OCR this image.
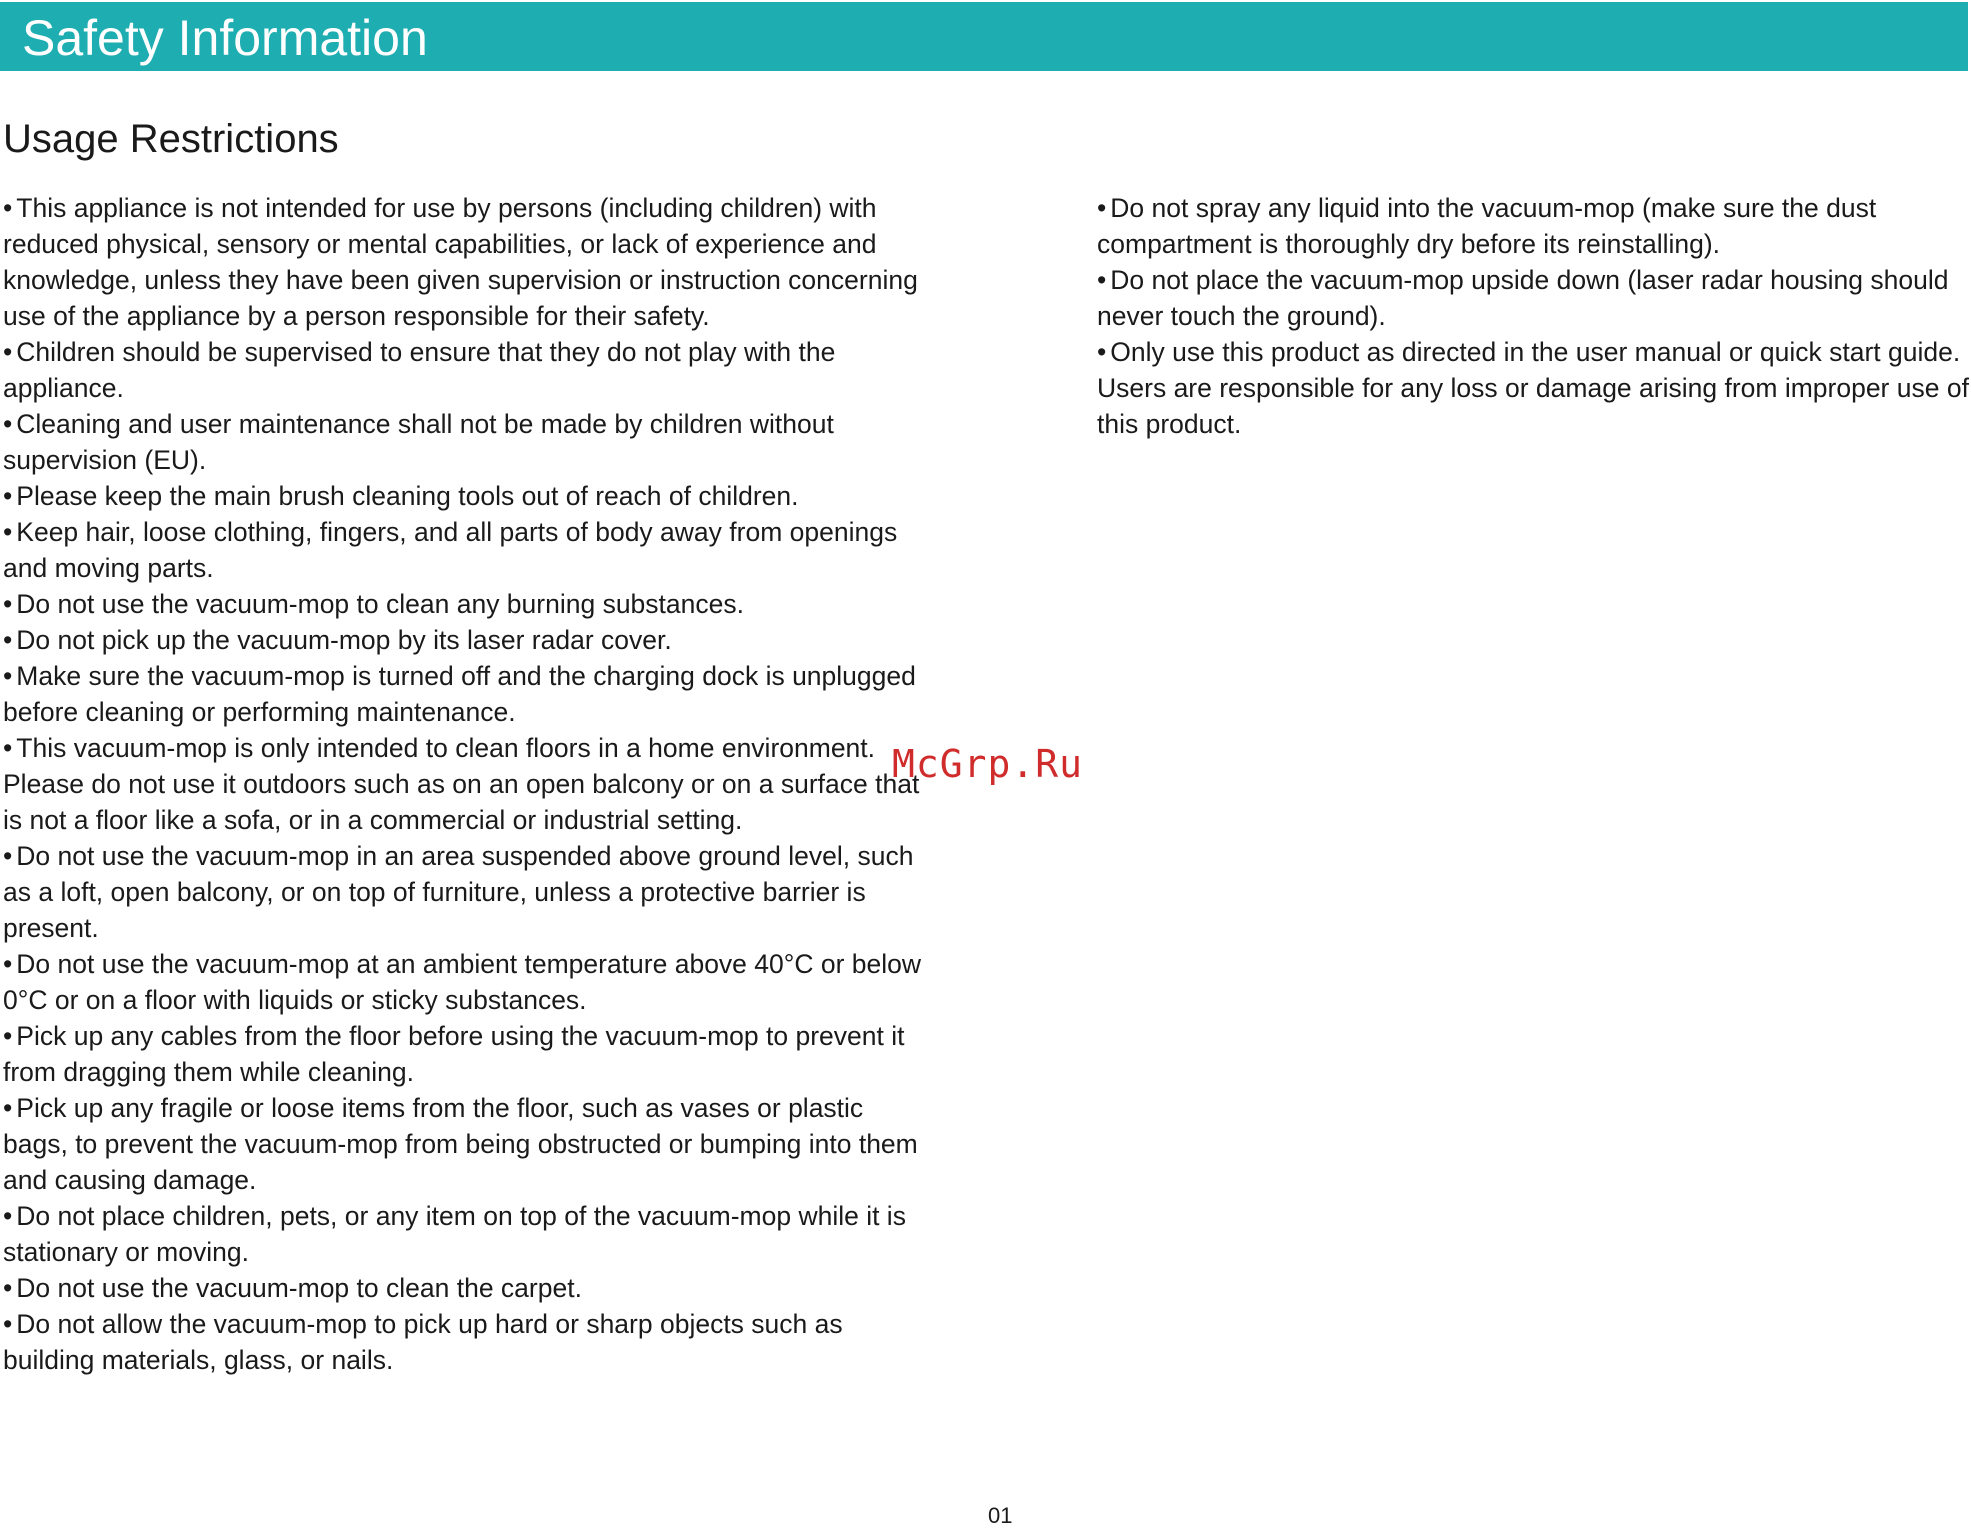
Safety Information
Usage Restrictions
• This appliance is not intended for use by persons (including children) with reduced physical, sensory or mental capabilities, or lack of experience and knowledge, unless they have been given supervision or instruction concerning use of the appliance by a person responsible for their safety.
• Children should be supervised to ensure that they do not play with the appliance.
• Cleaning and user maintenance shall not be made by children without supervision (EU).
• Please keep the main brush cleaning tools out of reach of children.
• Keep hair, loose clothing, fingers, and all parts of body away from openings and moving parts.
• Do not use the vacuum-mop to clean any burning substances.
• Do not pick up the vacuum-mop by its laser radar cover.
• Make sure the vacuum-mop is turned off and the charging dock is unplugged before cleaning or performing maintenance.
• This vacuum-mop is only intended to clean floors in a home environment. Please do not use it outdoors such as on an open balcony or on a surface that is not a floor like a sofa, or in a commercial or industrial setting.
• Do not use the vacuum-mop in an area suspended above ground level, such as a loft, open balcony, or on top of furniture, unless a protective barrier is present.
• Do not use the vacuum-mop at an ambient temperature above 40°C or below 0°C or on a floor with liquids or sticky substances.
• Pick up any cables from the floor before using the vacuum-mop to prevent it from dragging them while cleaning.
• Pick up any fragile or loose items from the floor, such as vases or plastic bags, to prevent the vacuum-mop from being obstructed or bumping into them and causing damage.
• Do not place children, pets, or any item on top of the vacuum-mop while it is stationary or moving.
• Do not use the vacuum-mop to clean the carpet.
• Do not allow the vacuum-mop to pick up hard or sharp objects such as building materials, glass, or nails.
• Do not spray any liquid into the vacuum-mop (make sure the dust compartment is thoroughly dry before its reinstalling).
• Do not place the vacuum-mop upside down (laser radar housing should never touch the ground).
• Only use this product as directed in the user manual or quick start guide. Users are responsible for any loss or damage arising from improper use of this product.
McGrp.Ru
01
